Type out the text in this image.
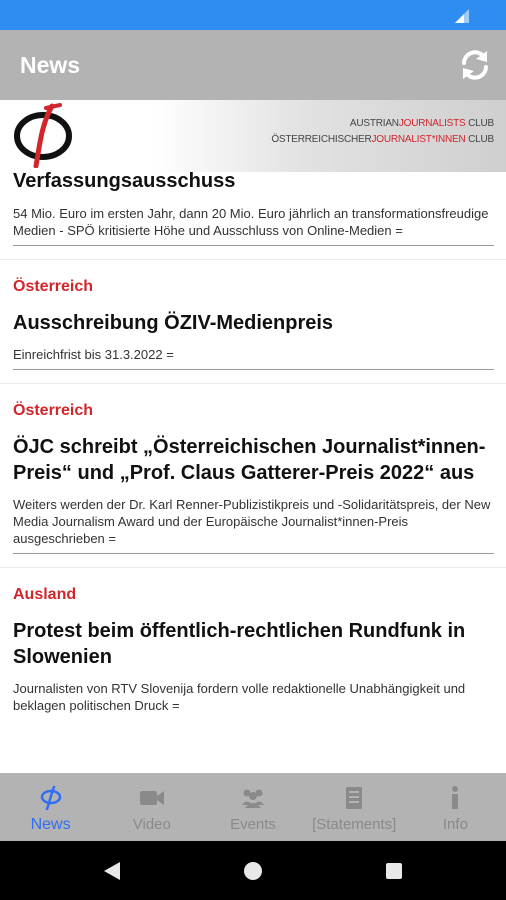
News
AUSTRIANJOURNALISTS CLUB
ÖSTERREICHISCHERJOURNALIST*INNEN CLUB
Verfassungsausschuss
54 Mio. Euro im ersten Jahr, dann 20 Mio. Euro jährlich an transformationsfreudige Medien - SPÖ kritisierte Höhe und Ausschluss von Online-Medien =
Österreich
Ausschreibung ÖZIV-Medienpreis
Einreichfrist bis 31.3.2022 =
Österreich
ÖJC schreibt „Österreichischen Journalist*innen-Preis“ und „Prof. Claus Gatterer-Preis 2022“ aus
Weiters werden der Dr. Karl Renner-Publizistikpreis und -Solidaritätspreis, der New Media Journalism Award und der Europäische Journalist*innen-Preis ausgeschrieben =
Ausland
Protest beim öffentlich-rechtlichen Rundfunk in Slowenien
Journalisten von RTV Slovenija fordern volle redaktionelle Unabhängigkeit und beklagen politischen Druck =
News	Video	Events	[Statements]	Info
